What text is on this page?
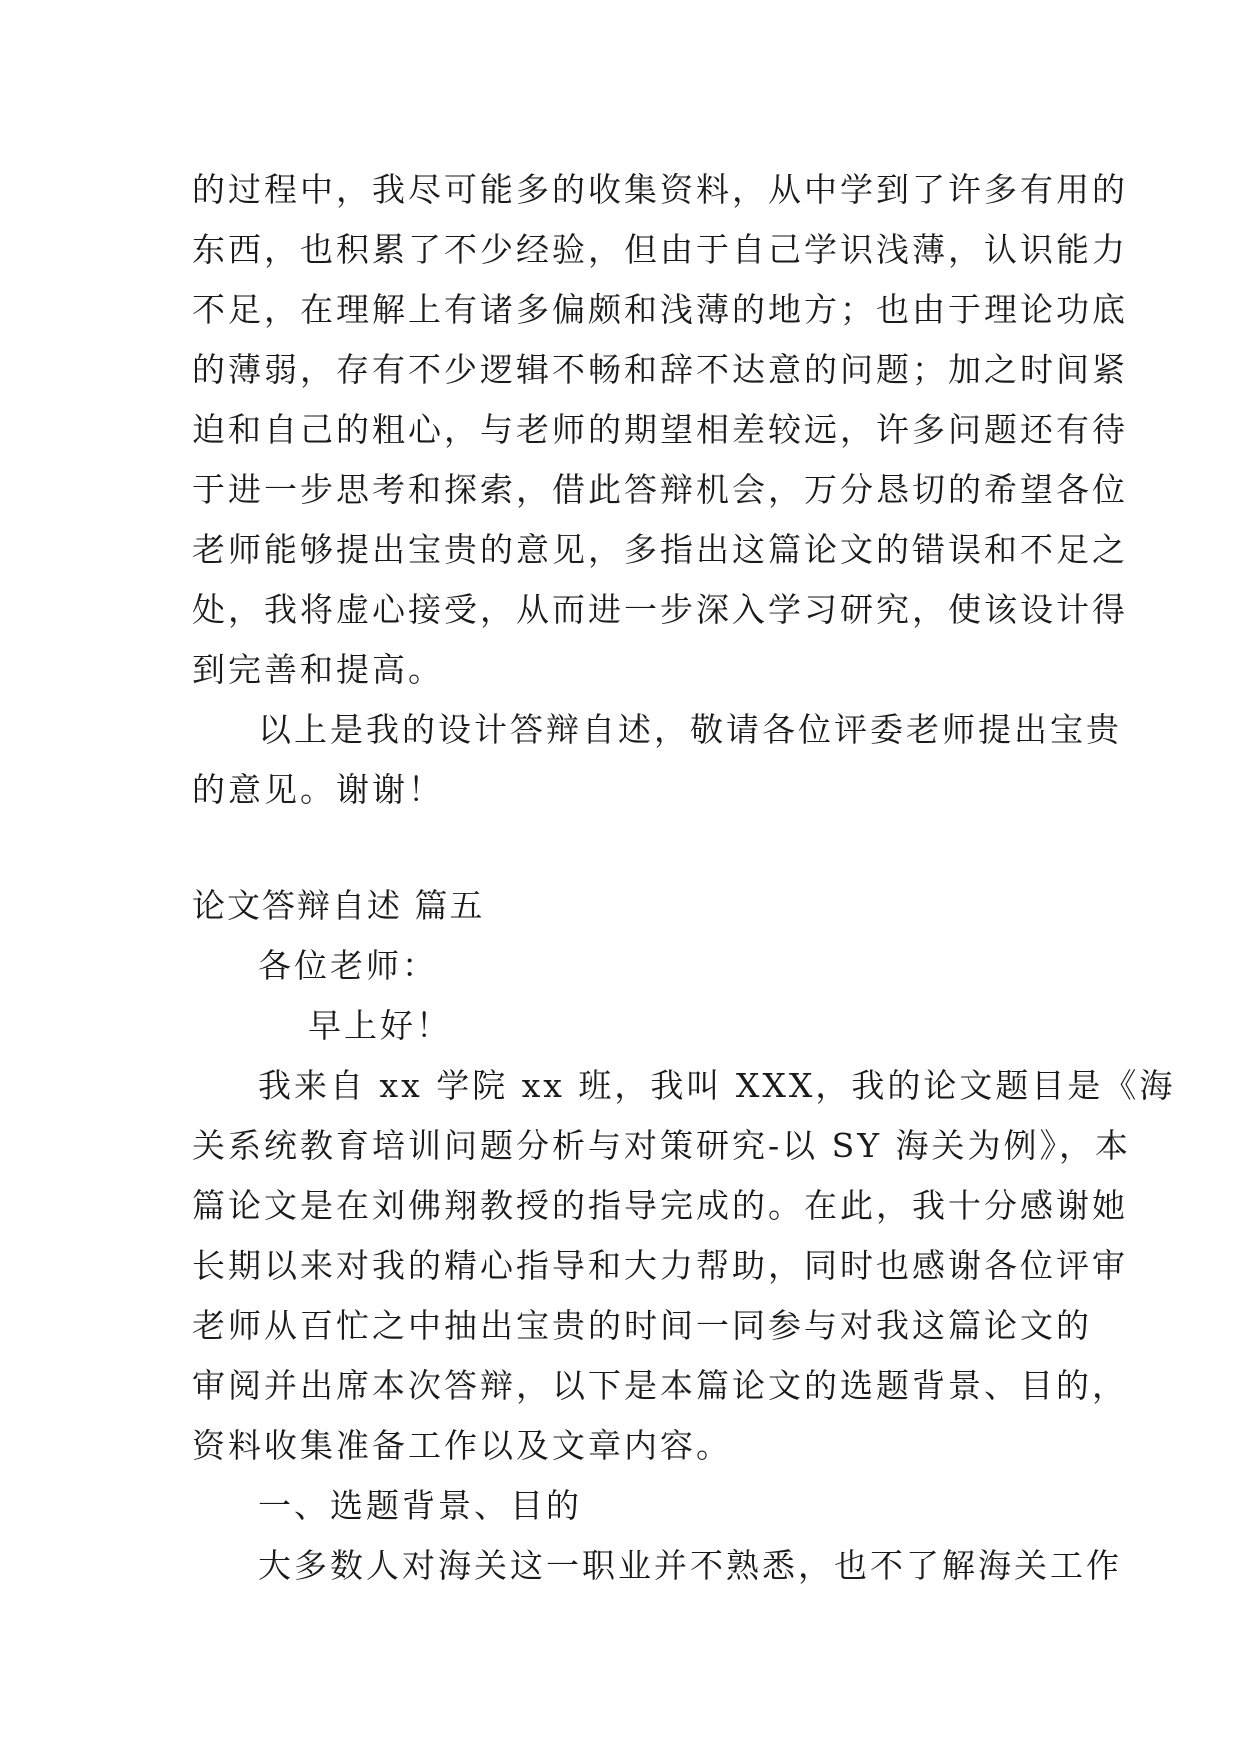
的过程中，我尽可能多的收集资料，从中学到了许多有用的
东西，也积累了不少经验，但由于自己学识浅薄，认识能力
不足，在理解上有诸多偏颇和浅薄的地方；也由于理论功底
的薄弱，存有不少逻辑不畅和辞不达意的问题；加之时间紧
迫和自己的粗心，与老师的期望相差较远，许多问题还有待
于进一步思考和探索，借此答辩机会，万分恳切的希望各位
老师能够提出宝贵的意见，多指出这篇论文的错误和不足之
处，我将虚心接受，从而进一步深入学习研究，使该设计得
到完善和提高。
以上是我的设计答辩自述，敬请各位评委老师提出宝贵
的意见。谢谢！
论文答辩自述 篇五
各位老师：
早上好！
我来自 xx 学院 xx 班，我叫 XXX，我的论文题目是《海
关系统教育培训问题分析与对策研究-以 SY 海关为例》，本
篇论文是在刘佛翔教授的指导完成的。在此，我十分感谢她
长期以来对我的精心指导和大力帮助，同时也感谢各位评审
老师从百忙之中抽出宝贵的时间一同参与对我这篇论文的
审阅并出席本次答辩，以下是本篇论文的选题背景、目的，
资料收集准备工作以及文章内容。
一、选题背景、目的
大多数人对海关这一职业并不熟悉，也不了解海关工作
